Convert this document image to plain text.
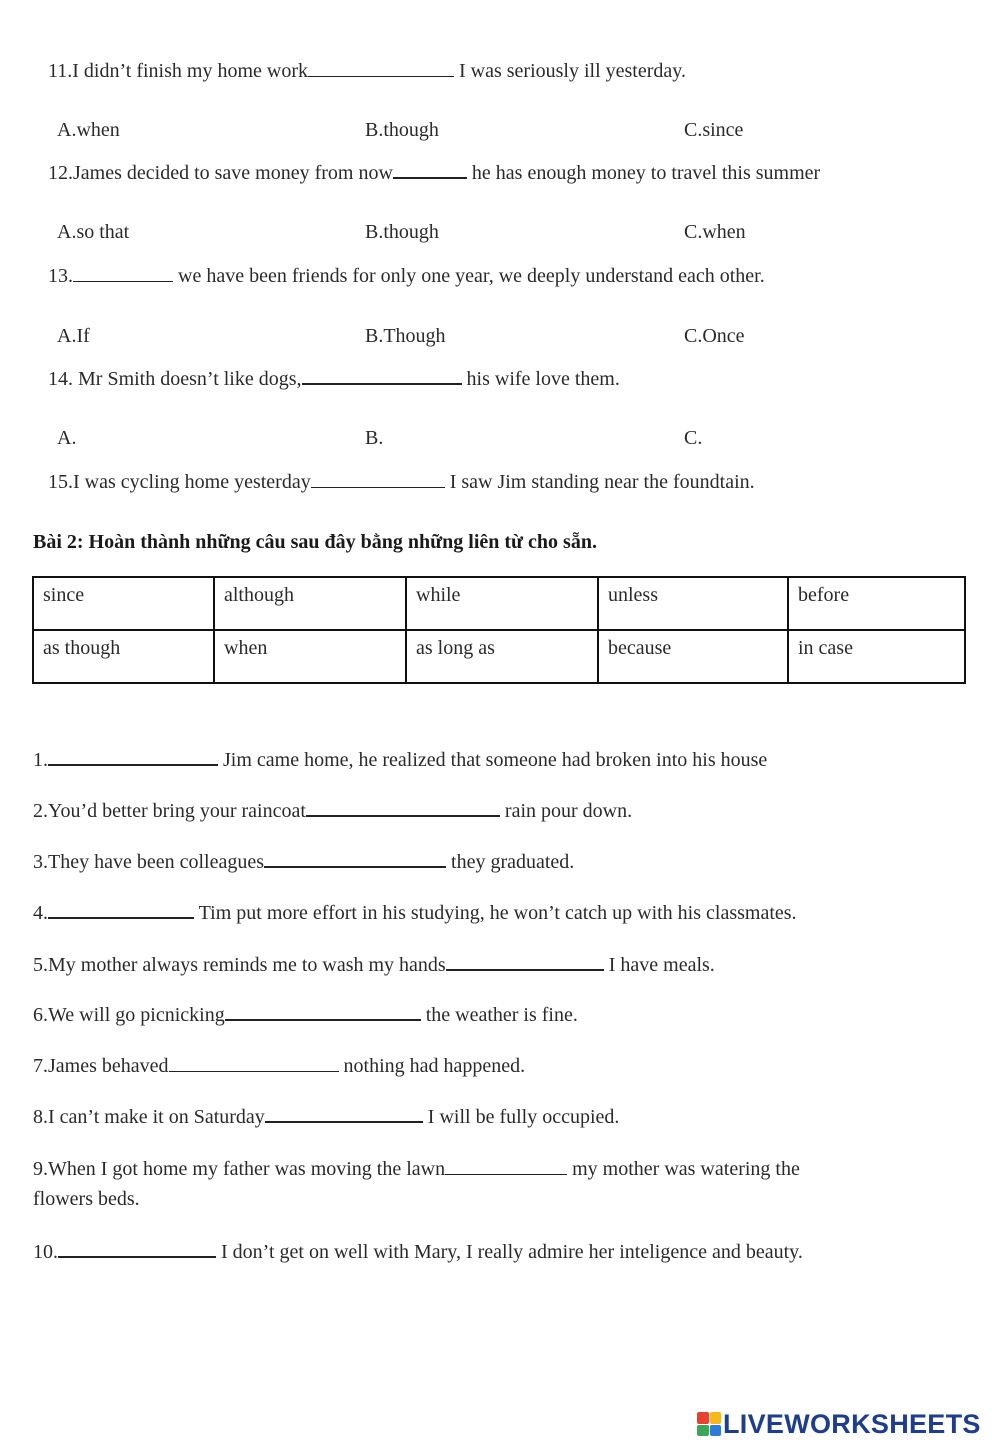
11.I didn’t finish my home work	I was seriously ill yesterday.
A.when	B.though	C.since
12.James decided to save money from now	he has enough money to travel this summer
A.so that	B.though	C.when
13.	we have been friends for only one year, we deeply understand each other.
A.If	B.Though	C.Once
14. Mr Smith doesn’t like dogs,	his wife love them.
A.	B.	C.
15.I was cycling home yesterday	I saw Jim standing near the foundtain.
Bài 2: Hoàn thành những câu sau đây bằng những liên từ cho sẵn.
since	although	while	unless	before
as though	when	as long as	because	in case
1.	Jim came home, he realized that someone had broken into his house
2.You’d better bring your raincoat	rain pour down.
3.They have been colleagues	they graduated.
4.	Tim put more effort in his studying, he won’t catch up with his classmates.
5.My mother always reminds me to wash my hands	I have meals.
6.We will go picnicking	the weather is fine.
7.James behaved	nothing had happened.
8.I can’t make it on Saturday	I will be fully occupied.
9.When I got home my father was moving the lawn	my mother was watering the
flowers beds.
10.	I don’t get on well with Mary, I really admire her inteligence and beauty.
LIVEWORKSHEETS
